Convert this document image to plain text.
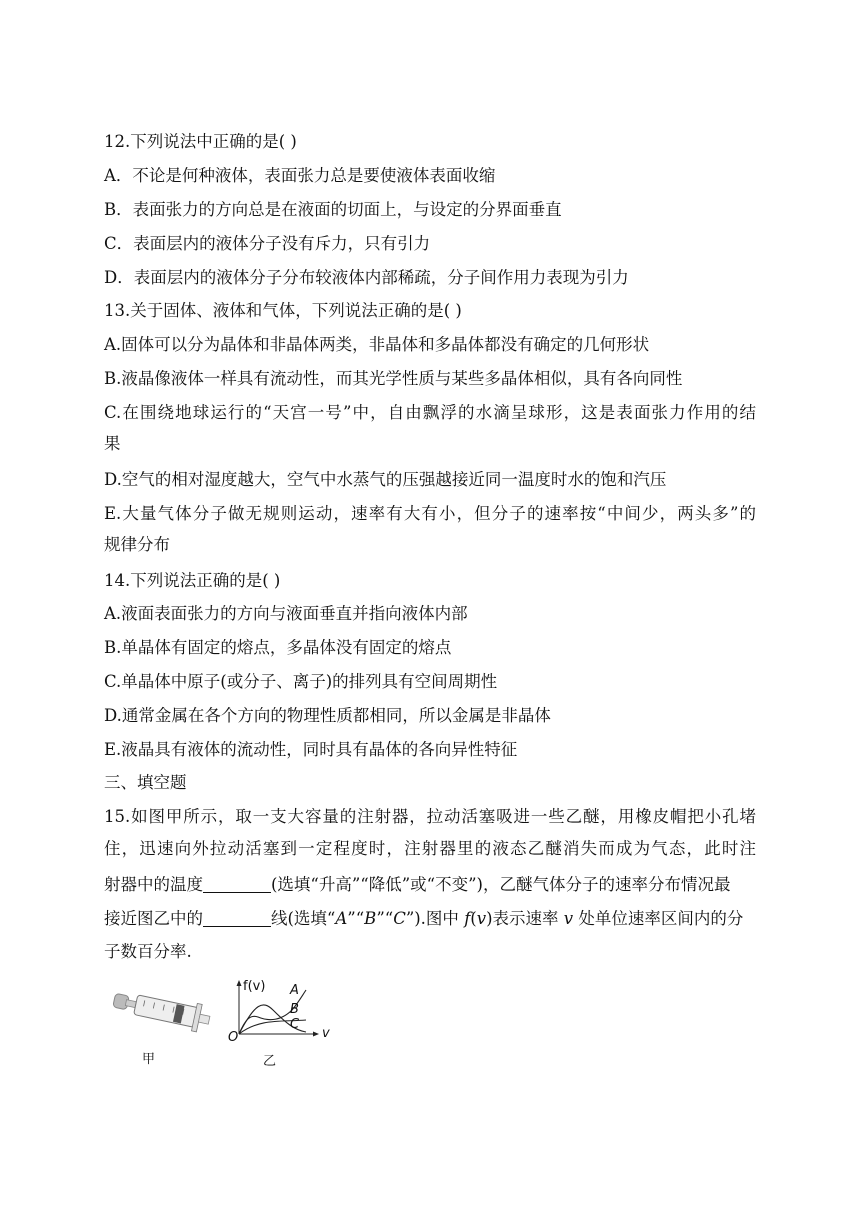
12.下列说法中正确的是( )
A．不论是何种液体，表面张力总是要使液体表面收缩
B．表面张力的方向总是在液面的切面上，与设定的分界面垂直
C．表面层内的液体分子没有斥力，只有引力
D．表面层内的液体分子分布较液体内部稀疏，分子间作用力表现为引力
13.关于固体、液体和气体，下列说法正确的是( )
A.固体可以分为晶体和非晶体两类，非晶体和多晶体都没有确定的几何形状
B.液晶像液体一样具有流动性，而其光学性质与某些多晶体相似，具有各向同性
C.在围绕地球运行的“天宫一号”中，自由飘浮的水滴呈球形，这是表面张力作用的结
果
D.空气的相对湿度越大，空气中水蒸气的压强越接近同一温度时水的饱和汽压
E.大量气体分子做无规则运动，速率有大有小，但分子的速率按“中间少，两头多”的
规律分布
14.下列说法正确的是( )
A.液面表面张力的方向与液面垂直并指向液体内部
B.单晶体有固定的熔点，多晶体没有固定的熔点
C.单晶体中原子(或分子、离子)的排列具有空间周期性
D.通常金属在各个方向的物理性质都相同，所以金属是非晶体
E.液晶具有液体的流动性，同时具有晶体的各向异性特征
三、填空题
15.如图甲所示，取一支大容量的注射器，拉动活塞吸进一些乙醚，用橡皮帽把小孔堵
住，迅速向外拉动活塞到一定程度时，注射器里的液态乙醚消失而成为气态，此时注
射器中的温度	(选填“升高”“降低”或“不变”)，乙醚气体分子的速率分布情况最
接近图乙中的	线(选填“A”“B”“C”).图中 f(v)表示速率 v 处单位速率区间内的分
子数百分率.
f(v) A
B
C
O	v
甲	乙
